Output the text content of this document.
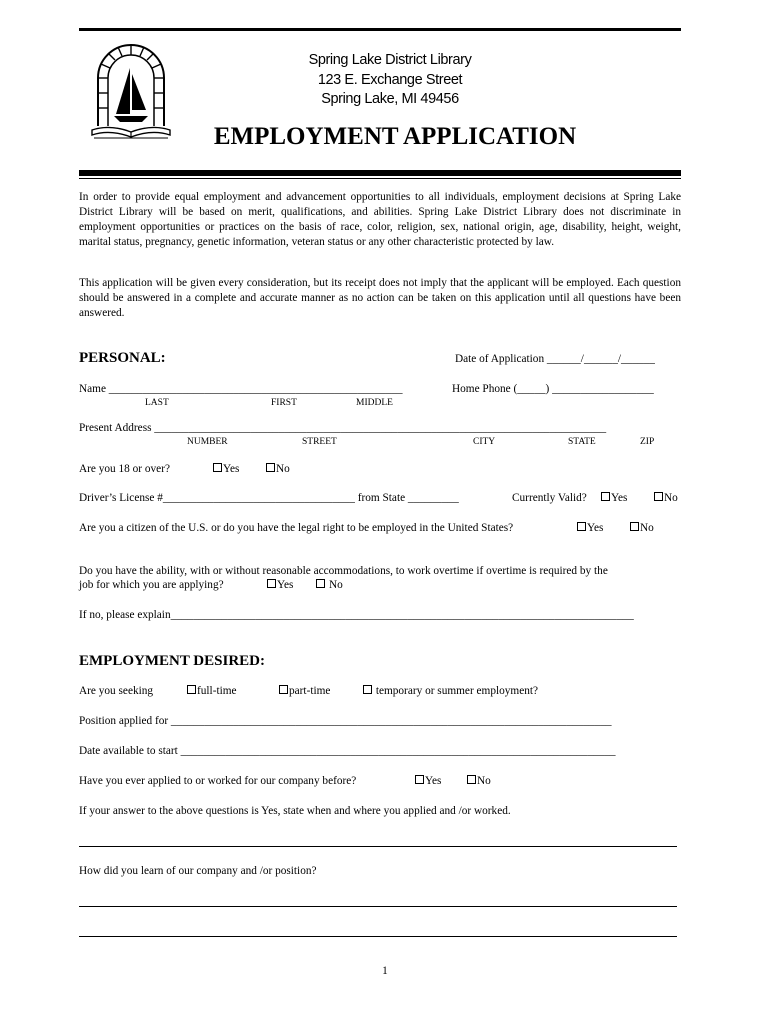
Spring Lake District Library
123 E. Exchange Street
Spring Lake, MI 49456
EMPLOYMENT APPLICATION
In order to provide equal employment and advancement opportunities to all individuals, employment decisions at Spring Lake District Library will be based on merit, qualifications, and abilities. Spring Lake District Library does not discriminate in employment opportunities or practices on the basis of race, color, religion, sex, national origin, age, disability, height, weight, marital status, pregnancy, genetic information, veteran status or any other characteristic protected by law.
This application will be given every consideration, but its receipt does not imply that the applicant will be employed. Each question should be answered in a complete and accurate manner as no action can be taken on this application until all questions have been answered.
PERSONAL:	Date of Application ______/______/______
Name ____________________________________________________	Home Phone (_____) __________________
LAST	FIRST	MIDDLE
Present Address ________________________________________________________________________________
NUMBER	STREET	CITY	STATE	ZIP
Are you 18 or over?	Yes	No
Driver’s License #__________________________________ from State _________	Currently Valid?	Yes	No
Are you a citizen of the U.S. or do you have the legal right to be employed in the United States?	Yes	No
Do you have the ability, with or without reasonable accommodations, to work overtime if overtime is required by the
job for which you are applying?	Yes	No
If no, please explain__________________________________________________________________________________
EMPLOYMENT DESIRED:
Are you seeking	full-time	part-time	temporary or summer employment?
Position applied for ______________________________________________________________________________
Date available to start _____________________________________________________________________________
Have you ever applied to or worked for our company before?	Yes	No
If your answer to the above questions is Yes, state when and where you applied and /or worked.
How did you learn of our company and /or position?
1
